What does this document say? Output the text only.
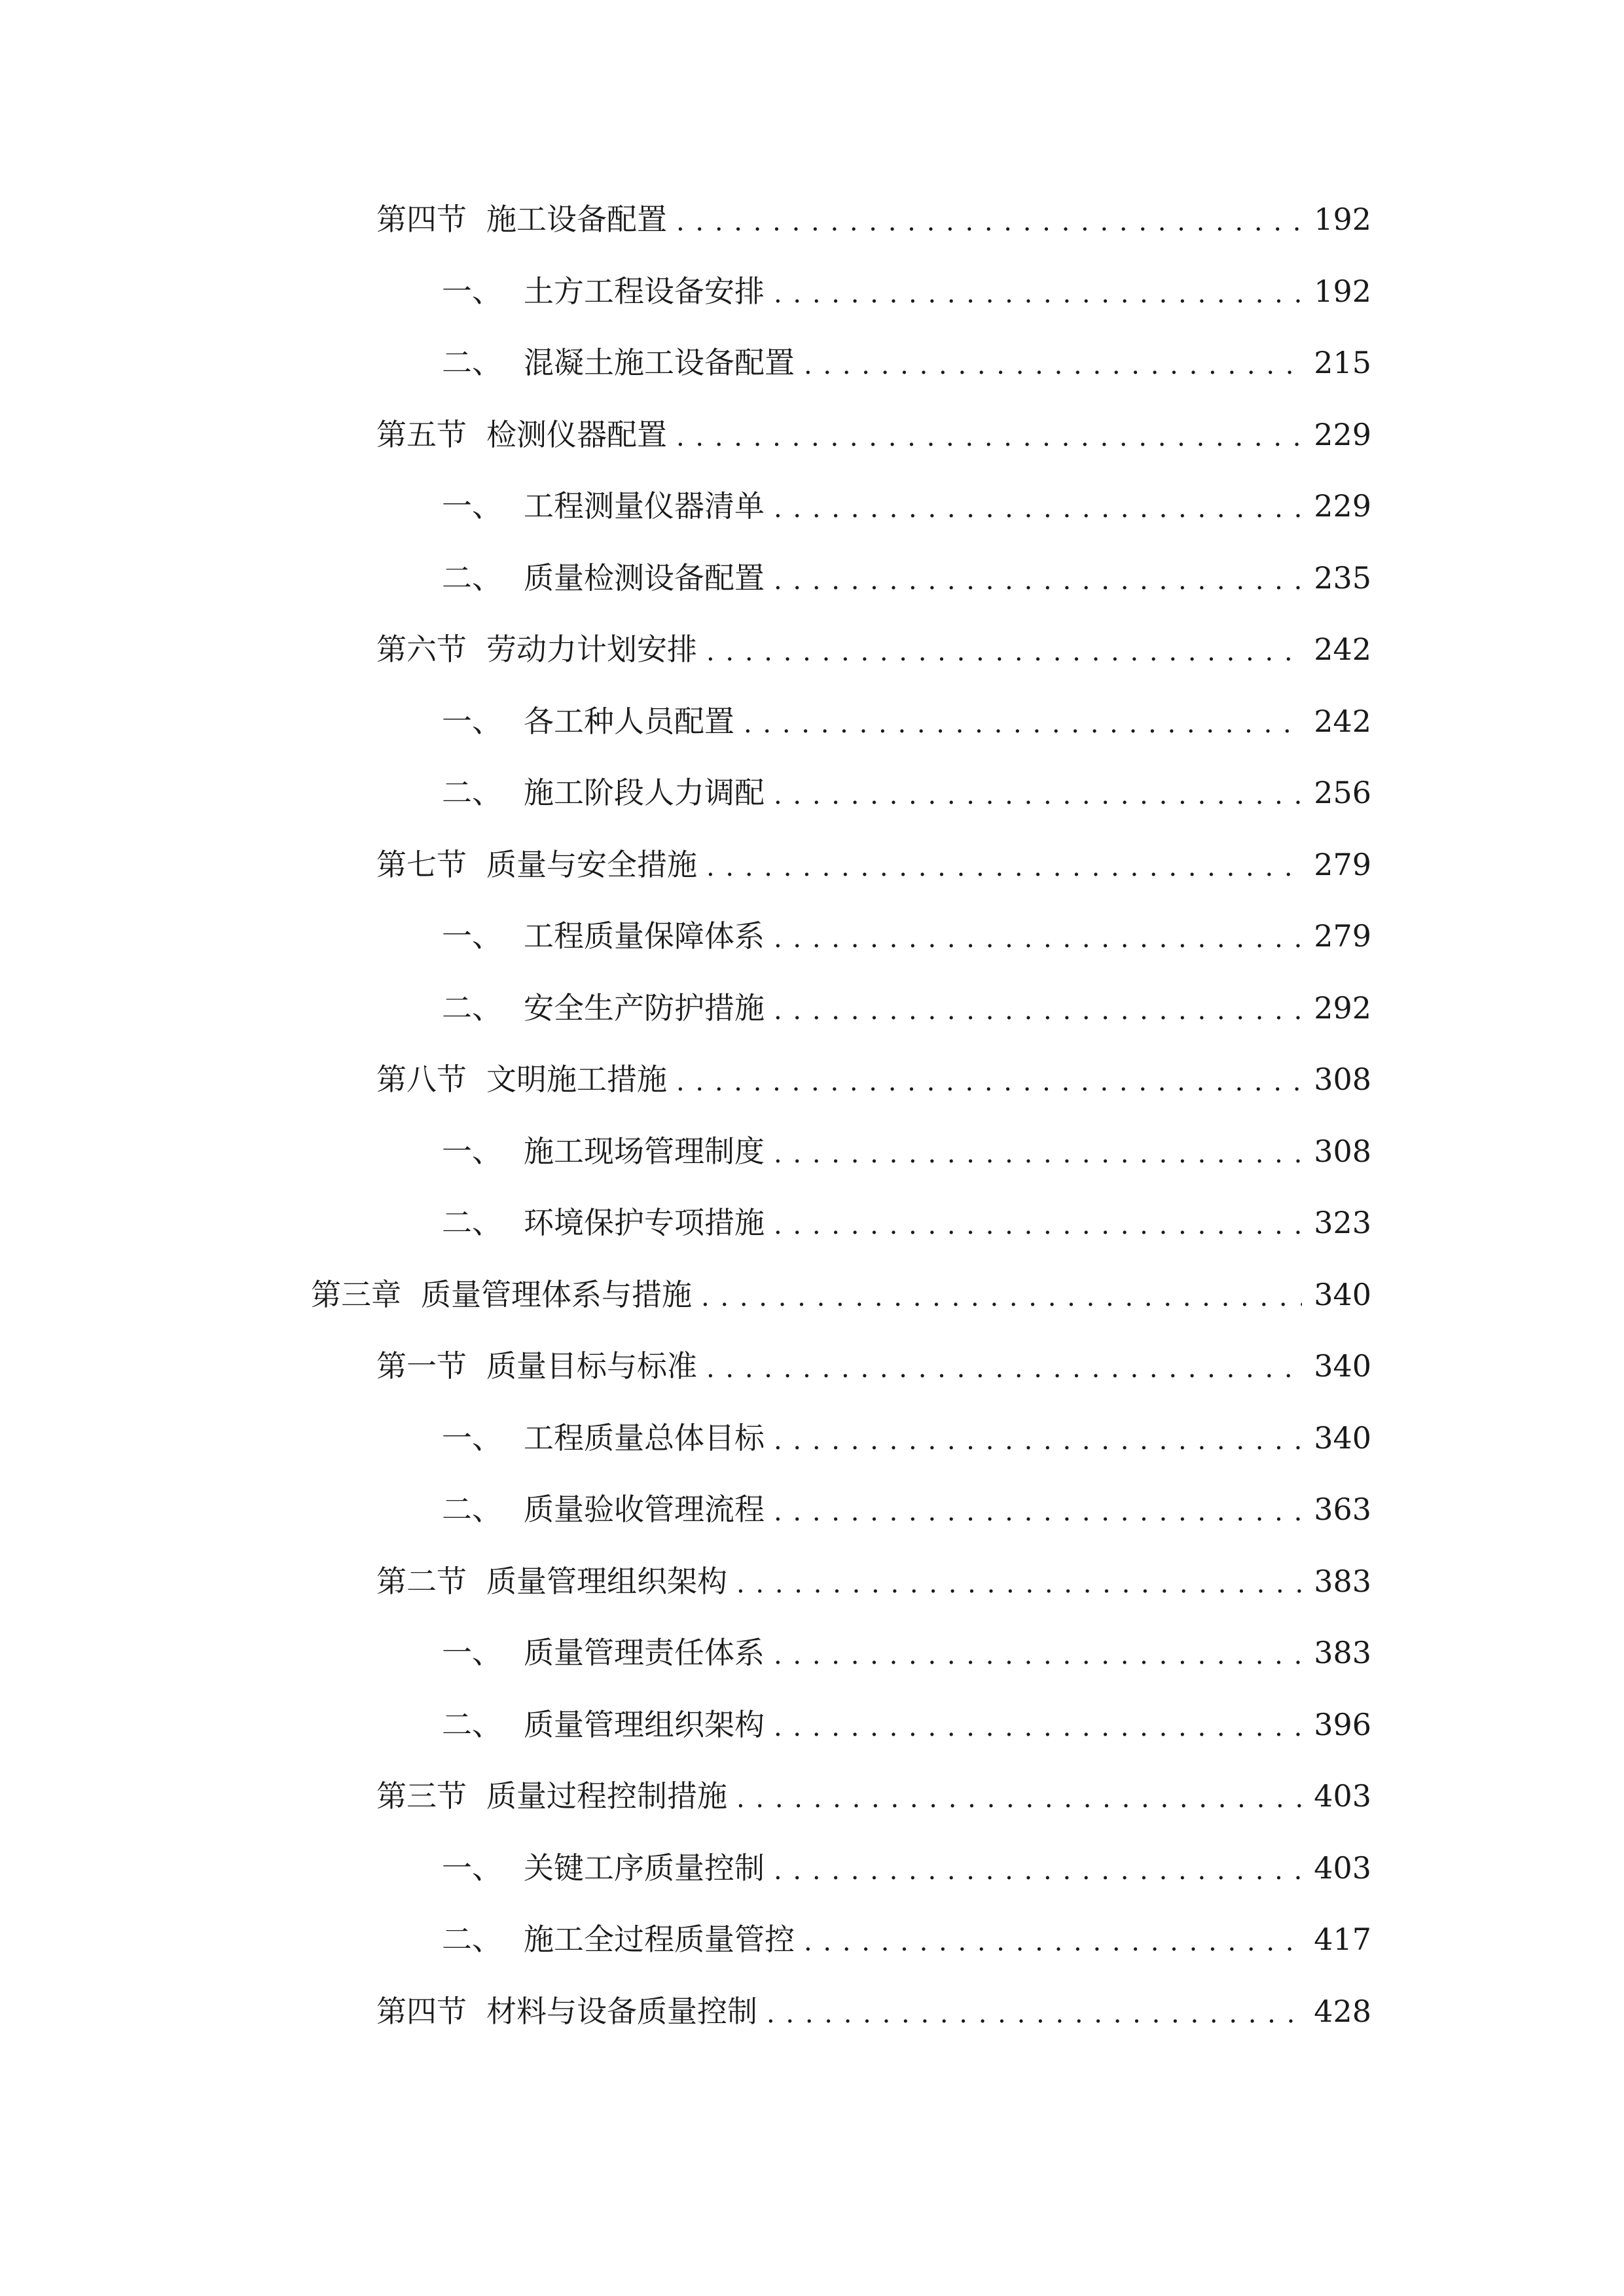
第四节 施工设备配置 . . .	192
一、 土方工程设备安排 . . .	192
二、 混凝土施工设备配置 . . .	215
第五节 检测仪器配置 . . .	229
一、 工程测量仪器清单 . . .	229
二、 质量检测设备配置 . . .	235
第六节 劳动力计划安排 . . .	242
一、 各工种人员配置 . . .	242
二、 施工阶段人力调配 . . .	256
第七节 质量与安全措施 . . .	279
一、 工程质量保障体系 . . .	279
二、 安全生产防护措施 . . .	292
第八节 文明施工措施 . . .	308
一、 施工现场管理制度 . . .	308
二、 环境保护专项措施 . . .	323
第三章 质量管理体系与措施 . . .	340
第一节 质量目标与标准 . . .	340
一、 工程质量总体目标 . . .	340
二、 质量验收管理流程 . . .	363
第二节 质量管理组织架构 . . .	383
一、 质量管理责任体系 . . .	383
二、 质量管理组织架构 . . .	396
第三节 质量过程控制措施 . . .	403
一、 关键工序质量控制 . . .	403
二、 施工全过程质量管控 . . .	417
第四节 材料与设备质量控制 . . .	428
